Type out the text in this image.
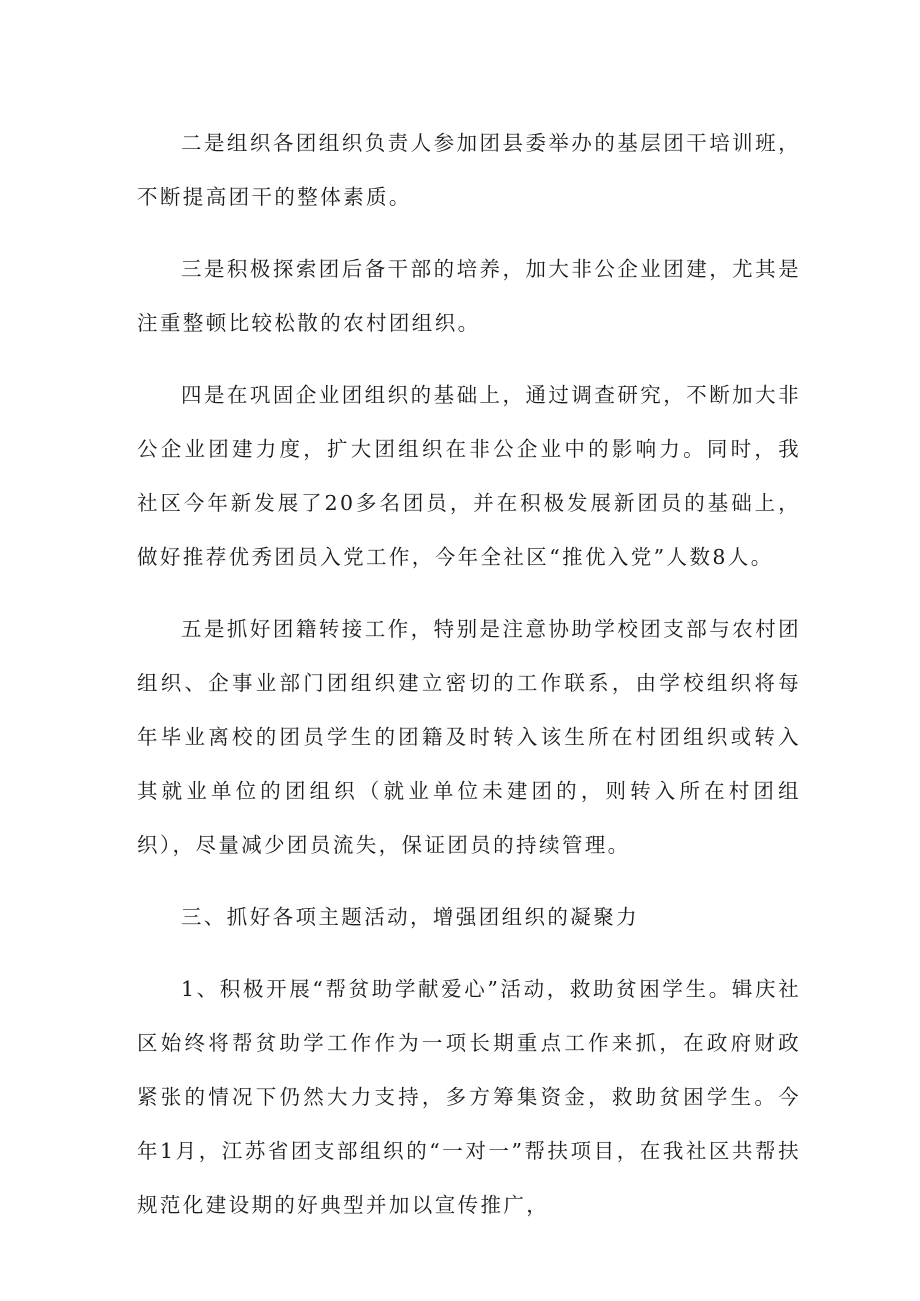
二是组织各团组织负责人参加团县委举办的基层团干培训班，不断提高团干的整体素质。

三是积极探索团后备干部的培养，加大非公企业团建，尤其是注重整顿比较松散的农村团组织。

四是在巩固企业团组织的基础上，通过调查研究，不断加大非公企业团建力度，扩大团组织在非公企业中的影响力。同时，我社区今年新发展了20多名团员，并在积极发展新团员的基础上，做好推荐优秀团员入党工作，今年全社区“推优入党”人数8人。

五是抓好团籍转接工作，特别是注意协助学校团支部与农村团组织、企事业部门团组织建立密切的工作联系，由学校组织将每年毕业离校的团员学生的团籍及时转入该生所在村团组织或转入其就业单位的团组织（就业单位未建团的，则转入所在村团组织），尽量减少团员流失，保证团员的持续管理。

三、抓好各项主题活动，增强团组织的凝聚力

1、积极开展“帮贫助学献爱心”活动，救助贫困学生。辑庆社区始终将帮贫助学工作作为一项长期重点工作来抓，在政府财政紧张的情况下仍然大力支持，多方筹集资金，救助贫困学生。今年1月，江苏省团支部组织的“一对一”帮扶项目，在我社区共帮扶规范化建设期的好典型并加以宣传推广，
